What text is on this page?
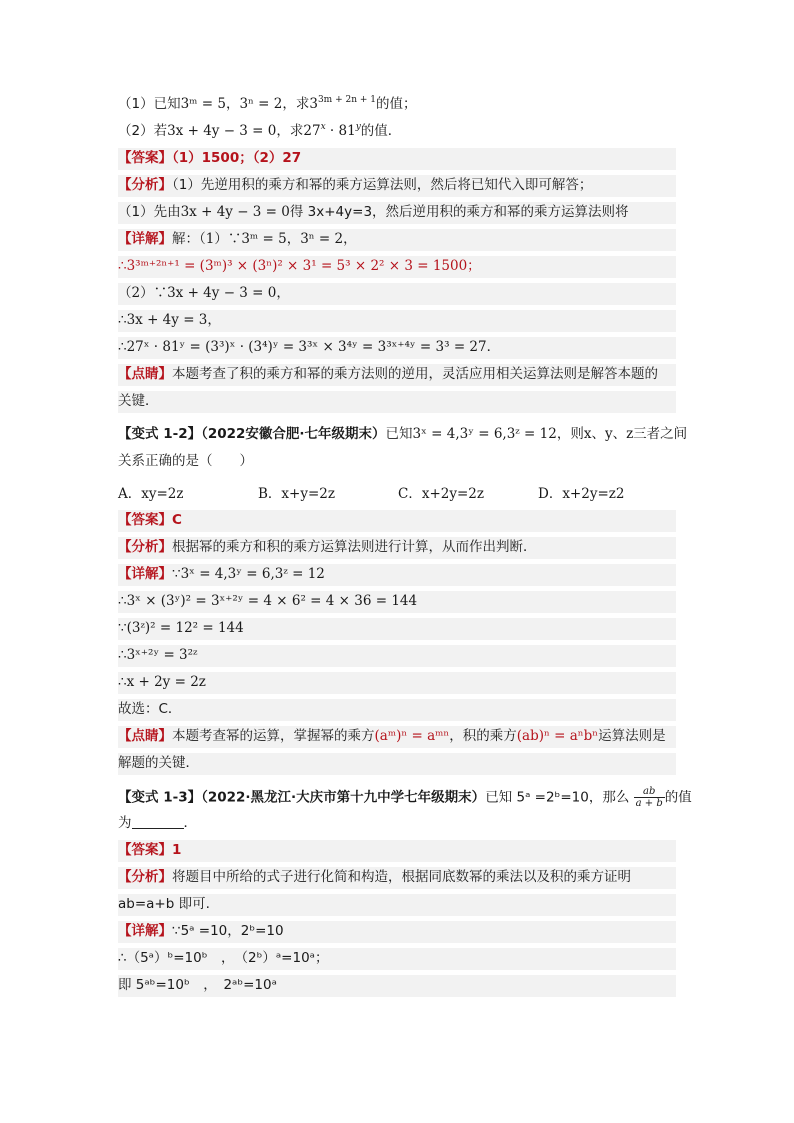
（1）已知3ᵐ = 5，3ⁿ = 2，求$3^{3m + 2n + 1}$的值；
（2）若3x + 4y − 3 = 0，求$27^x \cdot 81^y$的值．
【答案】（1）1500；（2）27
【分析】（1）先逆用积的乘方和幂的乘方运算法则，然后将已知代入即可解答；
（1）先由3x + 4y − 3 = 0得 3x+4y=3，然后逆用积的乘方和幂的乘方运算法则将
【详解】解：（1）∵3ᵐ = 5，3ⁿ = 2，
∴3³ᵐ⁺²ⁿ⁺¹ = (3ᵐ)³ × (3ⁿ)² × 3¹ = 5³ × 2² × 3 = 1500；
（2）∵3x + 4y − 3 = 0，
∴3x + 4y = 3，
∴27ˣ · 81ʸ = (3³)ˣ · (3⁴)ʸ = 3³ˣ × 3⁴ʸ = 3³ˣ⁺⁴ʸ = 3³ = 27．
【点睛】本题考查了积的乘方和幂的乘方法则的逆用，灵活应用相关运算法则是解答本题的
关键．
【变式 1-2】（2022安徽合肥·七年级期末）已知3ˣ = 4,3ʸ = 6,3ᶻ = 12，则x、y、z三者之间
关系正确的是（　　）
A．xy=2z	B．x+y=2z	C．x+2y=2z	D．x+2y=z2
【答案】C
【分析】根据幂的乘方和积的乘方运算法则进行计算，从而作出判断．
【详解】∵3ˣ = 4,3ʸ = 6,3ᶻ = 12
∴3ˣ × (3ʸ)² = 3ˣ⁺²ʸ = 4 × 6² = 4 × 36 = 144
∵(3ᶻ)² = 12² = 144
∴3ˣ⁺²ʸ = 3²ᶻ
∴x + 2y = 2z
故选：C．
【点睛】本题考查幂的运算，掌握幂的乘方(aᵐ)ⁿ = aᵐⁿ，积的乘方(ab)ⁿ = aⁿbⁿ运算法则是
解题的关键．
【变式 1-3】（2022·黑龙江·大庆市第十九中学七年级期末）已知 5ᵃ =2ᵇ=10，那么 $\frac{ab}{a + b}$ 的值
为	．
【答案】1
【分析】将题目中所给的式子进行化简和构造，根据同底数幂的乘法以及积的乘方证明
ab=a+b 即可.
【详解】∵5ᵃ =10，2ᵇ=10
∴（5ᵃ）ᵇ=10ᵇ　，　（2ᵇ）ᵃ=10ᵃ；
即 5ᵃᵇ=10ᵇ　，　2ᵃᵇ=10ᵃ
